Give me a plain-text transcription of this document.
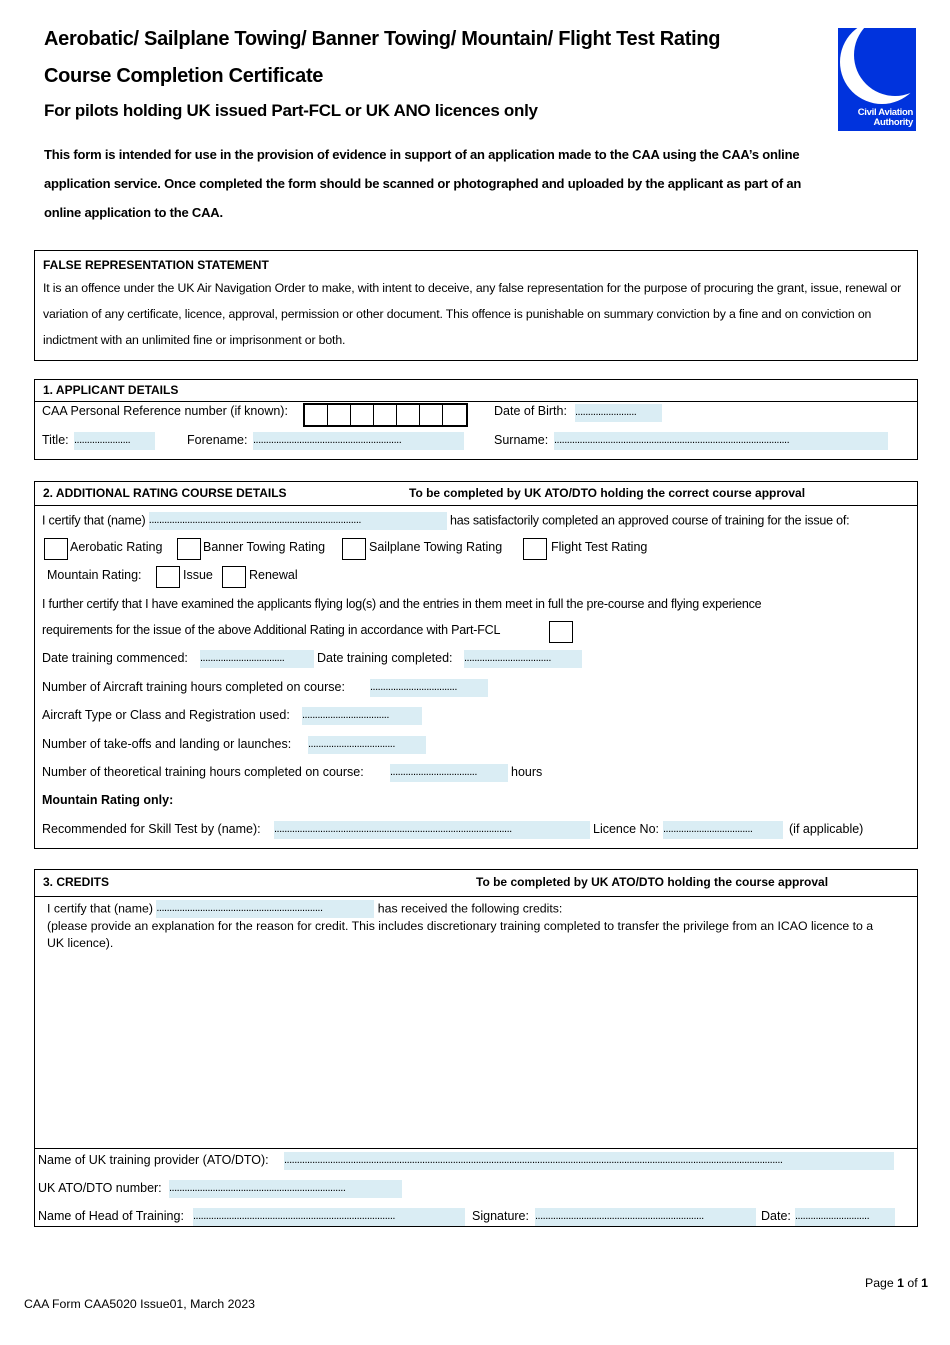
Aerobatic/ Sailplane Towing/ Banner Towing/ Mountain/ Flight Test Rating
Course Completion Certificate
For pilots holding UK issued Part-FCL or UK ANO licences only
This form is intended for use in the provision of evidence in support of an application made to the CAA using the CAA’s online application service. Once completed the form should be scanned or photographed and uploaded by the applicant as part of an online application to the CAA.
Civil Aviation
Authority
FALSE REPRESENTATION STATEMENT
It is an offence under the UK Air Navigation Order to make, with intent to deceive, any false representation for the purpose of procuring the grant, issue, renewal or variation of any certificate, licence, approval, permission or other document. This offence is punishable on summary conviction by a fine and on conviction on indictment with an unlimited fine or imprisonment or both.
1. APPLICANT DETAILS
CAA Personal Reference number (if known):	Date of Birth: ........................
Title: ......................	Forename: ..........................................................	Surname: ............................................................................................
2. ADDITIONAL RATING COURSE DETAILS	To be completed by UK ATO/DTO holding the correct course approval
I certify that (name) ...................................................................................	has satisfactorily completed an approved course of training for the issue of:
Aerobatic Rating	Banner Towing Rating	Sailplane Towing Rating	Flight Test Rating
Mountain Rating:	Issue	Renewal
I further certify that I have examined the applicants flying log(s) and the entries in them meet in full the pre-course and flying experience
requirements for the issue of the above Additional Rating in accordance with Part-FCL
Date training commenced: .................................	Date training completed: ..................................
Number of Aircraft training hours completed on course: ..................................
Aircraft Type or Class and Registration used: ..................................
Number of take-offs and landing or launches: ..................................
Number of theoretical training hours completed on course: ..................................	hours
Mountain Rating only:
Recommended for Skill Test by (name): .............................................................................................	Licence No: ...................................	(if applicable)
3. CREDITS	To be completed by UK ATO/DTO holding the course approval
I certify that (name) .................................................................	has received the following credits:
(please provide an explanation for the reason for credit. This includes discretionary training completed to transfer the privilege from an ICAO licence to a UK licence).
Name of UK training provider (ATO/DTO): ...................................................................................................................................................................................................
UK ATO/DTO number: .....................................................................
Name of Head of Training: ...............................................................................	Signature: ..................................................................	Date: .............................
Page 1 of 1
CAA Form CAA5020 Issue01, March 2023
